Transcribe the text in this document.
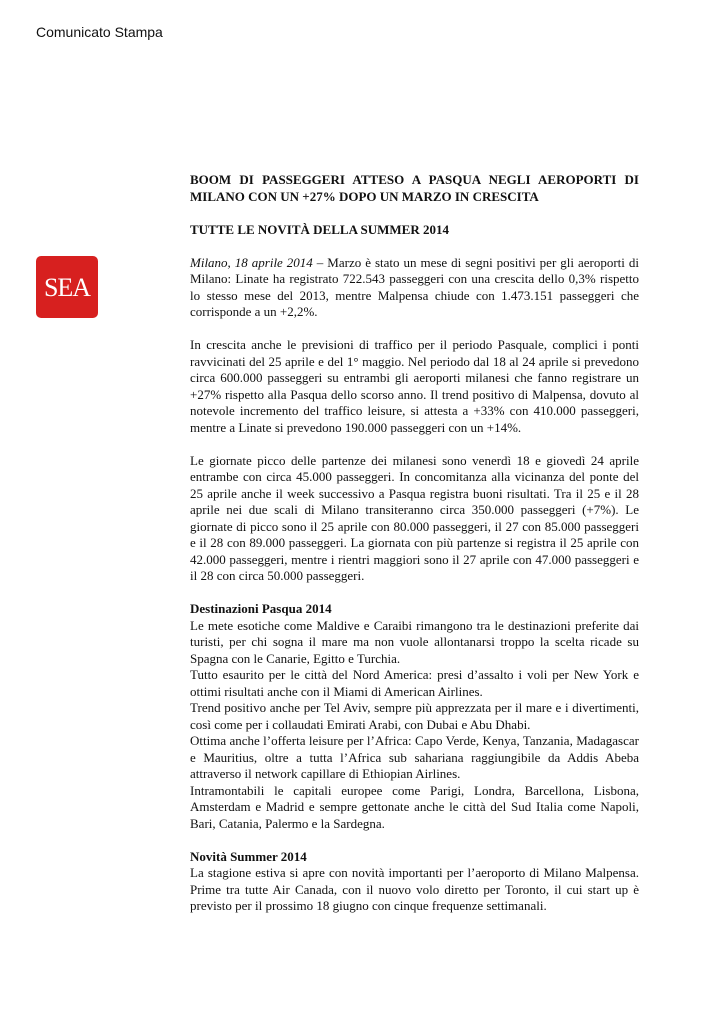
Comunicato Stampa
SEA

BOOM DI PASSEGGERI ATTESO A PASQUA NEGLI AEROPORTI DI MILANO CON UN +27% DOPO UN MARZO IN CRESCITA

TUTTE LE NOVITÀ DELLA SUMMER 2014

Milano, 18 aprile 2014 – Marzo è stato un mese di segni positivi per gli aeroporti di Milano: Linate ha registrato 722.543 passeggeri con una crescita dello 0,3% rispetto lo stesso mese del 2013, mentre Malpensa chiude con 1.473.151 passeggeri che corrisponde a un +2,2%.

In crescita anche le previsioni di traffico per il periodo Pasquale, complici i ponti ravvicinati del 25 aprile e del 1° maggio. Nel periodo dal 18 al 24 aprile si prevedono circa 600.000 passeggeri su entrambi gli aeroporti milanesi che fanno registrare un +27% rispetto alla Pasqua dello scorso anno. Il trend positivo di Malpensa, dovuto al notevole incremento del traffico leisure, si attesta a +33% con 410.000 passeggeri, mentre a Linate si prevedono 190.000 passeggeri con un +14%.

Le giornate picco delle partenze dei milanesi sono venerdì 18 e giovedì 24 aprile entrambe con circa 45.000 passeggeri. In concomitanza alla vicinanza del ponte del 25 aprile anche il week successivo a Pasqua registra buoni risultati. Tra il 25 e il 28 aprile nei due scali di Milano transiteranno circa 350.000 passeggeri (+7%). Le giornate di picco sono il 25 aprile con 80.000 passeggeri, il 27 con 85.000 passeggeri e il 28 con 89.000 passeggeri. La giornata con più partenze si registra il 25 aprile con 42.000 passeggeri, mentre i rientri maggiori sono il 27 aprile con 47.000 passeggeri e il 28 con circa 50.000 passeggeri.

Destinazioni Pasqua 2014

Le mete esotiche come Maldive e Caraibi rimangono tra le destinazioni preferite dai turisti, per chi sogna il mare ma non vuole allontanarsi troppo la scelta ricade su Spagna con le Canarie, Egitto e Turchia.

Tutto esaurito per le città del Nord America: presi d’assalto i voli per New York e ottimi risultati anche con il Miami di American Airlines.

Trend positivo anche per Tel Aviv, sempre più apprezzata per il mare e i divertimenti, così come per i collaudati Emirati Arabi, con Dubai e Abu Dhabi.

Ottima anche l’offerta leisure per l’Africa: Capo Verde, Kenya, Tanzania, Madagascar e Mauritius, oltre a tutta l’Africa sub sahariana raggiungibile da Addis Abeba attraverso il network capillare di Ethiopian Airlines.

Intramontabili le capitali europee come Parigi, Londra, Barcellona, Lisbona, Amsterdam e Madrid e sempre gettonate anche le città del Sud Italia come Napoli, Bari, Catania, Palermo e la Sardegna.

Novità Summer 2014

La stagione estiva si apre con novità importanti per l’aeroporto di Milano Malpensa. Prime tra tutte Air Canada, con il nuovo volo diretto per Toronto, il cui start up è previsto per il prossimo 18 giugno con cinque frequenze settimanali.
